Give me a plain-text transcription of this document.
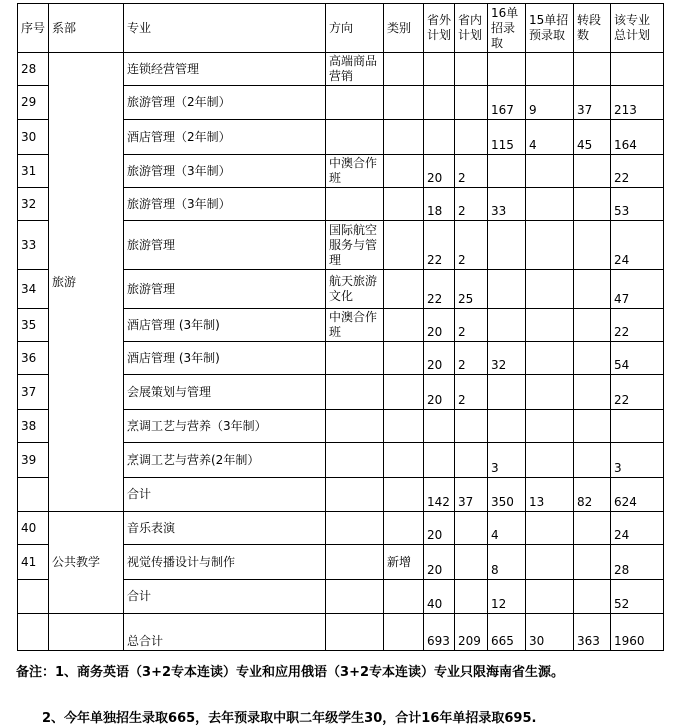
序号	系部	专业	方向	类别	省外计划	省内计划	16单招录取	15单招预录取	转段数	该专业总计划
28	旅游	连锁经营管理	高端商品营销							
29		旅游管理（2年制）					167	9	37	213
30		酒店管理（2年制）					115	4	45	164
31		旅游管理（3年制）	中澳合作班		20	2				22
32		旅游管理（3年制）			18	2	33			53
33		旅游管理	国际航空服务与管理		22	2				24
34		旅游管理	航天旅游文化		22	25				47
35		酒店管理 (3年制)	中澳合作班		20	2				22
36		酒店管理 (3年制)			20	2	32			54
37		会展策划与管理			20	2				22
38		烹调工艺与营养（3年制）								
39		烹调工艺与营养(2年制）					3			3
		合计			142	37	350	13	82	624
40	公共教学	音乐表演			20		4			24
41		视觉传播设计与制作		新增	20		8			28
		合计			40		12			52
		总合计			693	209	665	30	363	1960
备注：1、商务英语（3+2专本连读）专业和应用俄语（3+2专本连读）专业只限海南省生源。
2、今年单独招生录取665，去年预录取中职二年级学生30，合计16年单招录取695.
